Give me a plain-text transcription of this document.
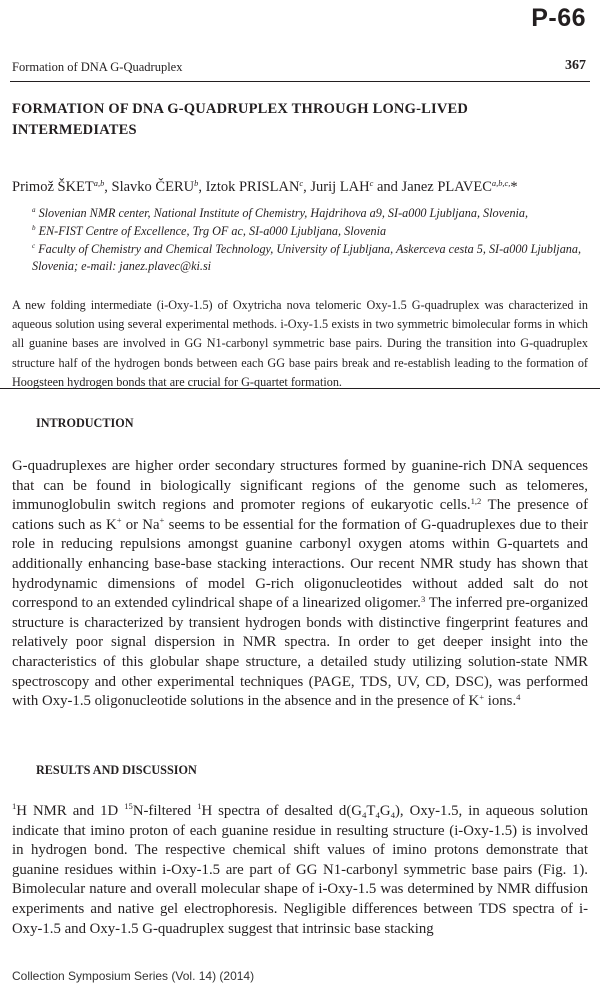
P-66
Formation of DNA G-Quadruplex	367
FORMATION OF DNA G-QUADRUPLEX THROUGH LONG-LIVED INTERMEDIATES
Primož ŠKET$^{a,b}$, Slavko ČERU$^b$, Iztok PRISLAN$^c$, Jurij LAH$^c$ and Janez $PLAVEC^{a,b,c,}*$

$^a$ Slovenian NMR center, National Institute of Chemistry, Hajdrihova a9, SI-a000 Ljubljana, Slovenia,

$^b$ EN-FIST Centre of Excellence, Trg OF ac, SI-a000 Ljubljana, Slovenia

$^c$ Faculty of Chemistry and Chemical Technology, University of Ljubljana, Askerceva cesta 5, SI-a000 Ljubljana, Slovenia; e-mail: janez.plavec@ki.si

A new folding intermediate (i-Oxy-1.5) of Oxytricha nova telomeric Oxy-1.5 G-quadruplex was characterized in aqueous solution using several experimental methods. i-Oxy-1.5 exists in two symmetric bimolecular forms in which all guanine bases are involved in GG N1-carbonyl symmetric base pairs. During the transition into G-quadruplex structure half of the hydrogen bonds between each GG base pairs break and re-establish leading to the formation of Hoogsteen hydrogen bonds that are crucial for G-quartet formation.
INTRODUCTION
G-quadruplexes are higher order secondary structures formed by guanine-rich DNA sequences that can be found in biologically significant regions of the genome such as telomeres, immunoglobulin switch regions and promoter regions of eukaryotic cells.$^{1,2}$ The presence of cations such as K+ or Na+ seems to be essential for the formation of G-quadruplexes due to their role in reducing repulsions amongst guanine carbonyl oxygen atoms within G-quartets and additionally enhancing base-base stacking interactions. Our recent NMR study has shown that hydrodynamic dimensions of model G-rich oligonucleotides without added salt do not correspond to an extended cylindrical shape of a linearized oligomer.$^3$ The inferred pre-organized structure is characterized by transient hydrogen bonds with distinctive fingerprint features and relatively poor signal dispersion in NMR spectra. In order to get deeper insight into the characteristics of this globular shape structure, a detailed study utilizing solution-state NMR spectroscopy and other experimental techniques (PAGE, TDS, UV, CD, DSC), was performed with Oxy-1.5 oligonucleotide solutions in the absence and in the presence of K+ ions.$^4$
RESULTS AND DISCUSSION
$^1$H NMR and 1D $^{15}$N-filtered $^1$H spectra of desalted $d(G_4T_4G_4)$, Oxy-1.5, in aqueous solution indicate that imino proton of each guanine residue in resulting structure (i-Oxy-1.5) is involved in hydrogen bond. The respective chemical shift values of imino protons demonstrate that guanine residues within i-Oxy-1.5 are part of GG N1-carbonyl symmetric base pairs (Fig. 1). Bimolecular nature and overall molecular shape of i-Oxy-1.5 was determined by NMR diffusion experiments and native gel electrophoresis. Negligible differences between TDS spectra of i-Oxy-1.5 and Oxy-1.5 G-quadruplex suggest that intrinsic base stacking
Collection Symposium Series (Vol. 14) (2014)
